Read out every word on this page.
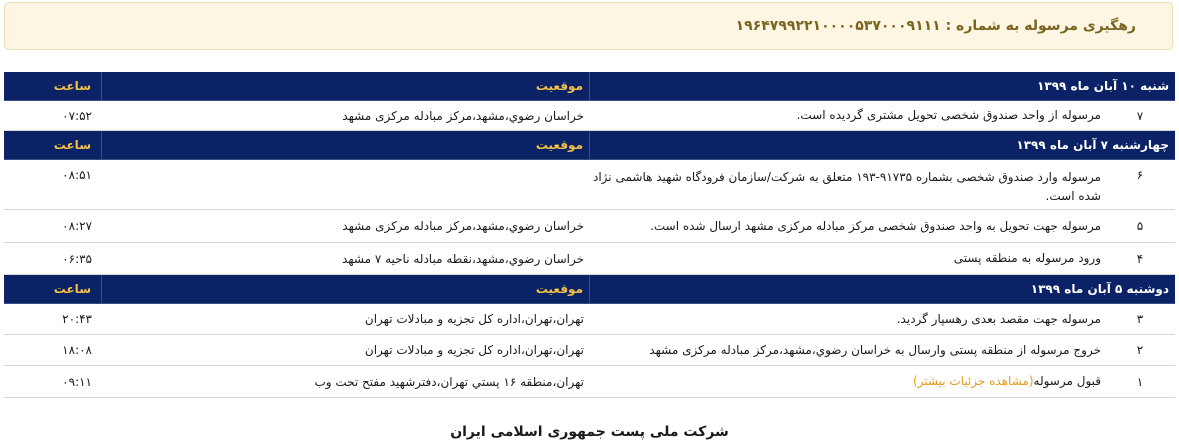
رهگیری مرسوله به شماره : ۱۹۶۴۷۹۹۲۲۱۰۰۰۰۵۳۷۰۰۰۹۱۱۱
شنبه ۱۰ آبان ماه ۱۳۹۹
موقعیت
ساعت
۷
مرسوله از واحد صندوق شخصی تحویل مشتری گردیده است.
خراسان رضوي،مشهد،مرکز مبادله مرکزی مشهد
۰۷:۵۲
چهارشنبه ۷ آبان ماه ۱۳۹۹
موقعیت
ساعت
۶
مرسوله وارد صندوق شخصی بشماره ۹۱۷۳۵-۱۹۳ متعلق به شرکت/سازمان فرودگاه شهید هاشمی نژاد شده است.
۰۸:۵۱
۵
مرسوله جهت تحویل به واحد صندوق شخصی مرکز مبادله مرکزی مشهد ارسال شده است.
خراسان رضوي،مشهد،مرکز مبادله مرکزی مشهد
۰۸:۲۷
۴
ورود مرسوله به منطقه پستی
خراسان رضوي،مشهد،نقطه مبادله ناحیه ۷ مشهد
۰۶:۳۵
دوشنبه ۵ آبان ماه ۱۳۹۹
موقعیت
ساعت
۳
مرسوله جهت مقصد بعدی رهسپار گردید.
تهران،تهران،اداره کل تجزیه و مبادلات تهران
۲۰:۴۳
۲
خروج مرسوله از منطقه پستی وارسال به خراسان رضوي،مشهد،مرکز مبادله مرکزی مشهد
تهران،تهران،اداره کل تجزیه و مبادلات تهران
۱۸:۰۸
۱
قبول مرسوله(مشاهده جزئیات بیشتر)
تهران،منطقه ۱۶ پستي تهران،دفترشهید مفتح تحت وب
۰۹:۱۱
شرکت ملی پست جمهوری اسلامی ایران
